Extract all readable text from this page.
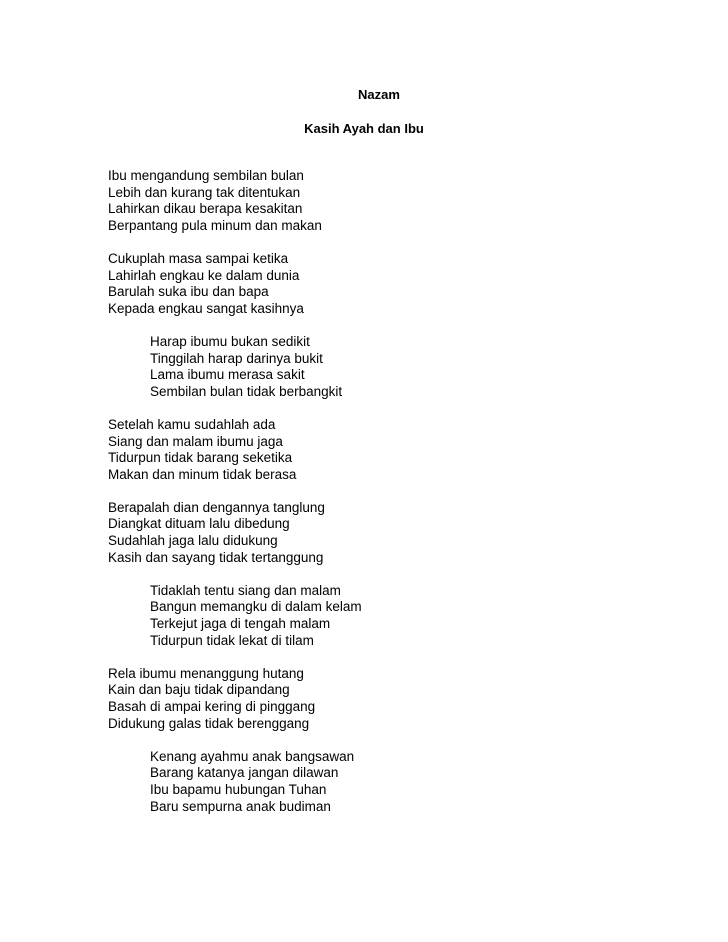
Nazam
Kasih Ayah dan Ibu
Ibu mengandung sembilan bulan
Lebih dan kurang tak ditentukan
Lahirkan dikau berapa kesakitan
Berpantang pula minum dan makan
Cukuplah masa sampai ketika
Lahirlah engkau ke dalam dunia
Barulah suka ibu dan bapa
Kepada engkau sangat kasihnya
Harap ibumu bukan sedikit
Tinggilah harap darinya bukit
Lama ibumu merasa sakit
Sembilan bulan tidak berbangkit
Setelah kamu sudahlah ada
Siang dan malam ibumu jaga
Tidurpun tidak barang seketika
Makan dan minum tidak berasa
Berapalah dian dengannya tanglung
Diangkat dituam lalu dibedung
Sudahlah jaga lalu didukung
Kasih dan sayang tidak tertanggung
Tidaklah tentu siang dan malam
Bangun memangku di dalam kelam
Terkejut jaga di tengah malam
Tidurpun tidak lekat di tilam
Rela ibumu menanggung hutang
Kain dan baju tidak dipandang
Basah di ampai kering di pinggang
Didukung galas tidak berenggang
Kenang ayahmu anak bangsawan
Barang katanya jangan dilawan
Ibu bapamu hubungan Tuhan
Baru sempurna anak budiman
